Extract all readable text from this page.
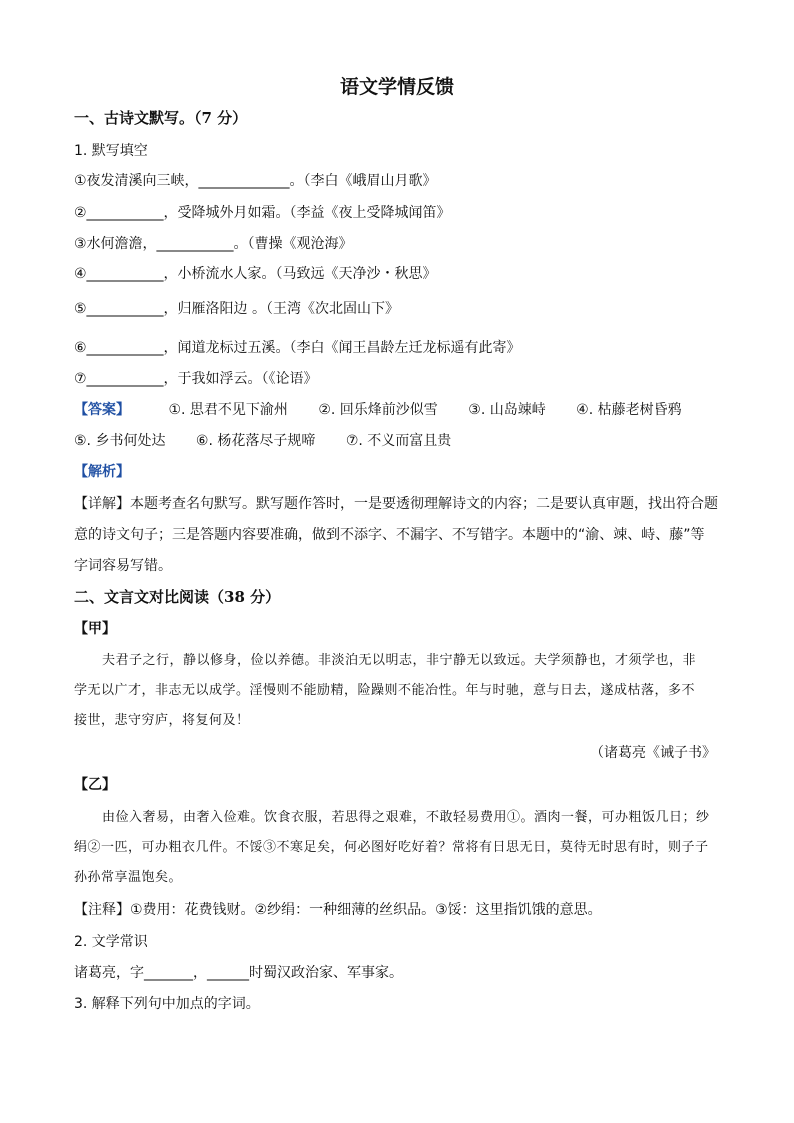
语文学情反馈
一、古诗文默写。（7 分）
1. 默写填空
①夜发清溪向三峡，_____________。（李白《峨眉山月歌》
②___________，受降城外月如霜。（李益《夜上受降城闻笛》
③水何澹澹，___________。（曹操《观沧海》
④___________，小桥流水人家。（马致远《天净沙・秋思》
⑤___________，归雁洛阳边 。（王湾《次北固山下》
⑥___________，闻道龙标过五溪。（李白《闻王昌龄左迁龙标遥有此寄》
⑦___________，于我如浮云。（《论语》
【答案】	①. 思君不见下渝州 ②. 回乐烽前沙似雪 ③. 山岛竦峙 ④. 枯藤老树昏鸦
⑤. 乡书何处达 ⑥. 杨花落尽子规啼 ⑦. 不义而富且贵
【解析】
【详解】本题考查名句默写。默写题作答时，一是要透彻理解诗文的内容；二是要认真审题，找出符合题
意的诗文句子；三是答题内容要准确，做到不添字、不漏字、不写错字。本题中的“渝、竦、峙、藤”等
字词容易写错。
二、文言文对比阅读（38 分）
【甲】
夫君子之行，静以修身，俭以养德。非淡泊无以明志，非宁静无以致远。夫学须静也，才须学也，非
学无以广才，非志无以成学。淫慢则不能励精，险躁则不能冶性。年与时驰，意与日去，遂成枯落，多不
接世，悲守穷庐，将复何及！
（诸葛亮《诫子书》
【乙】
由俭入奢易，由奢入俭难。饮食衣服，若思得之艰难，不敢轻易费用①。酒肉一餐，可办粗饭几日；纱
绢②一匹，可办粗衣几件。不馁③不寒足矣，何必图好吃好着？常将有日思无日，莫待无时思有时，则子子
孙孙常享温饱矣。
【注释】①费用：花费钱财。②纱绢：一种细薄的丝织品。③馁：这里指饥饿的意思。
2. 文学常识
诸葛亮，字_______，______时蜀汉政治家、军事家。
3. 解释下列句中加点的字词。
